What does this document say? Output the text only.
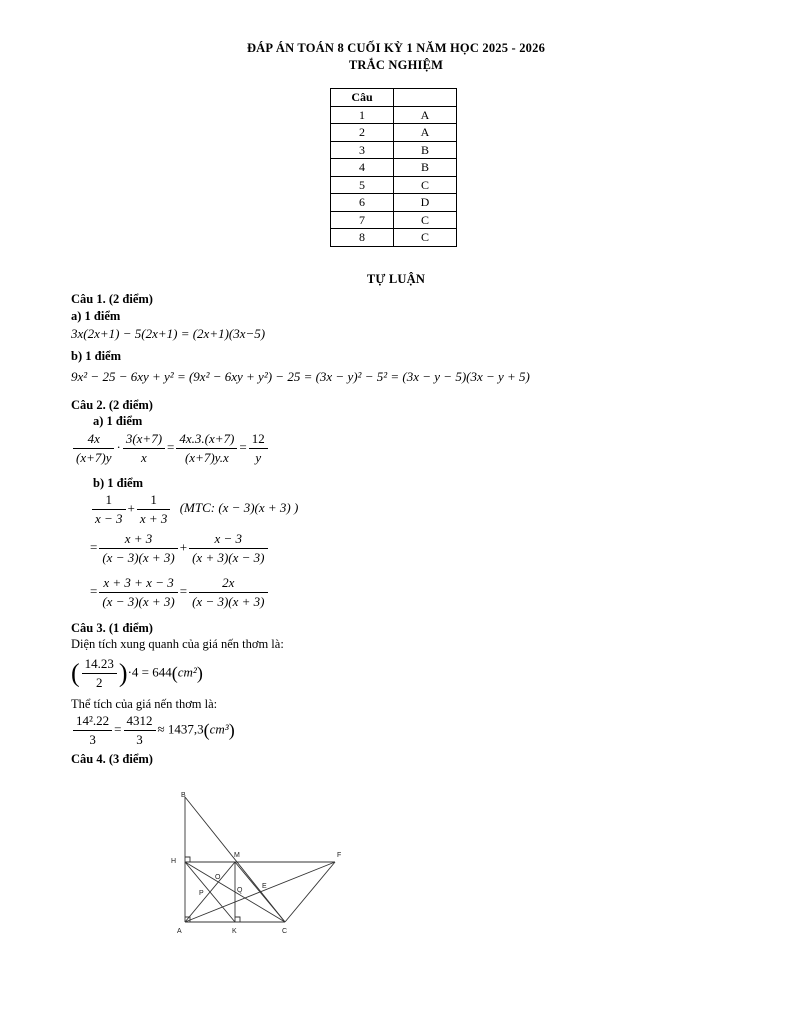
ĐÁP ÁN TOÁN 8 CUỐI KỲ 1 NĂM HỌC 2025 - 2026
TRẮC NGHIỆM
Câu	
1	A
2	A
3	B
4	B
5	C
6	D
7	C
8	C
TỰ LUẬN
Câu 1. (2 điểm)
a) 1 điểm
3x(2x+1) − 5(2x+1) = (2x+1)(3x−5)
b) 1 điểm
9x² − 25 − 6xy + y² = (9x² − 6xy + y²) − 25 = (3x − y)² − 5² = (3x − y − 5)(3x − y + 5)
Câu 2. (2 điểm)
a) 1 điểm
$\frac{4x}{(x+7)y} \cdot \frac{3(x+7)}{x} = \frac{4x.3.(x+7)}{(x+7)y.x} = \frac{12}{y}$
b) 1 điểm
$\frac{1}{x - 3} + \frac{1}{x + 3} (MTC$: (x − 3)(x + 3) )
= $\frac{x + 3}{(x - 3)(x + 3)} + \frac{x - 3}{(x + 3)(x - 3)}$
= $\frac{x + 3 + x - 3}{(x - 3)(x + 3)} = \frac{2x}{(x - 3)(x + 3)}$
Câu 3. (1 điểm)
Diện tích xung quanh của giá nến thơm là:
( $\frac{14.23}{2} )\cdot 4 = 644(cm^2)$
Thể tích của giá nến thơm là:
$\frac{\text{14².22}}{3} = \frac{4312}{3} \approx 1437,3(cm^3)$
Câu 4. (3 điểm)
B
H
M	F
O
P	Q
E
A	K	C
